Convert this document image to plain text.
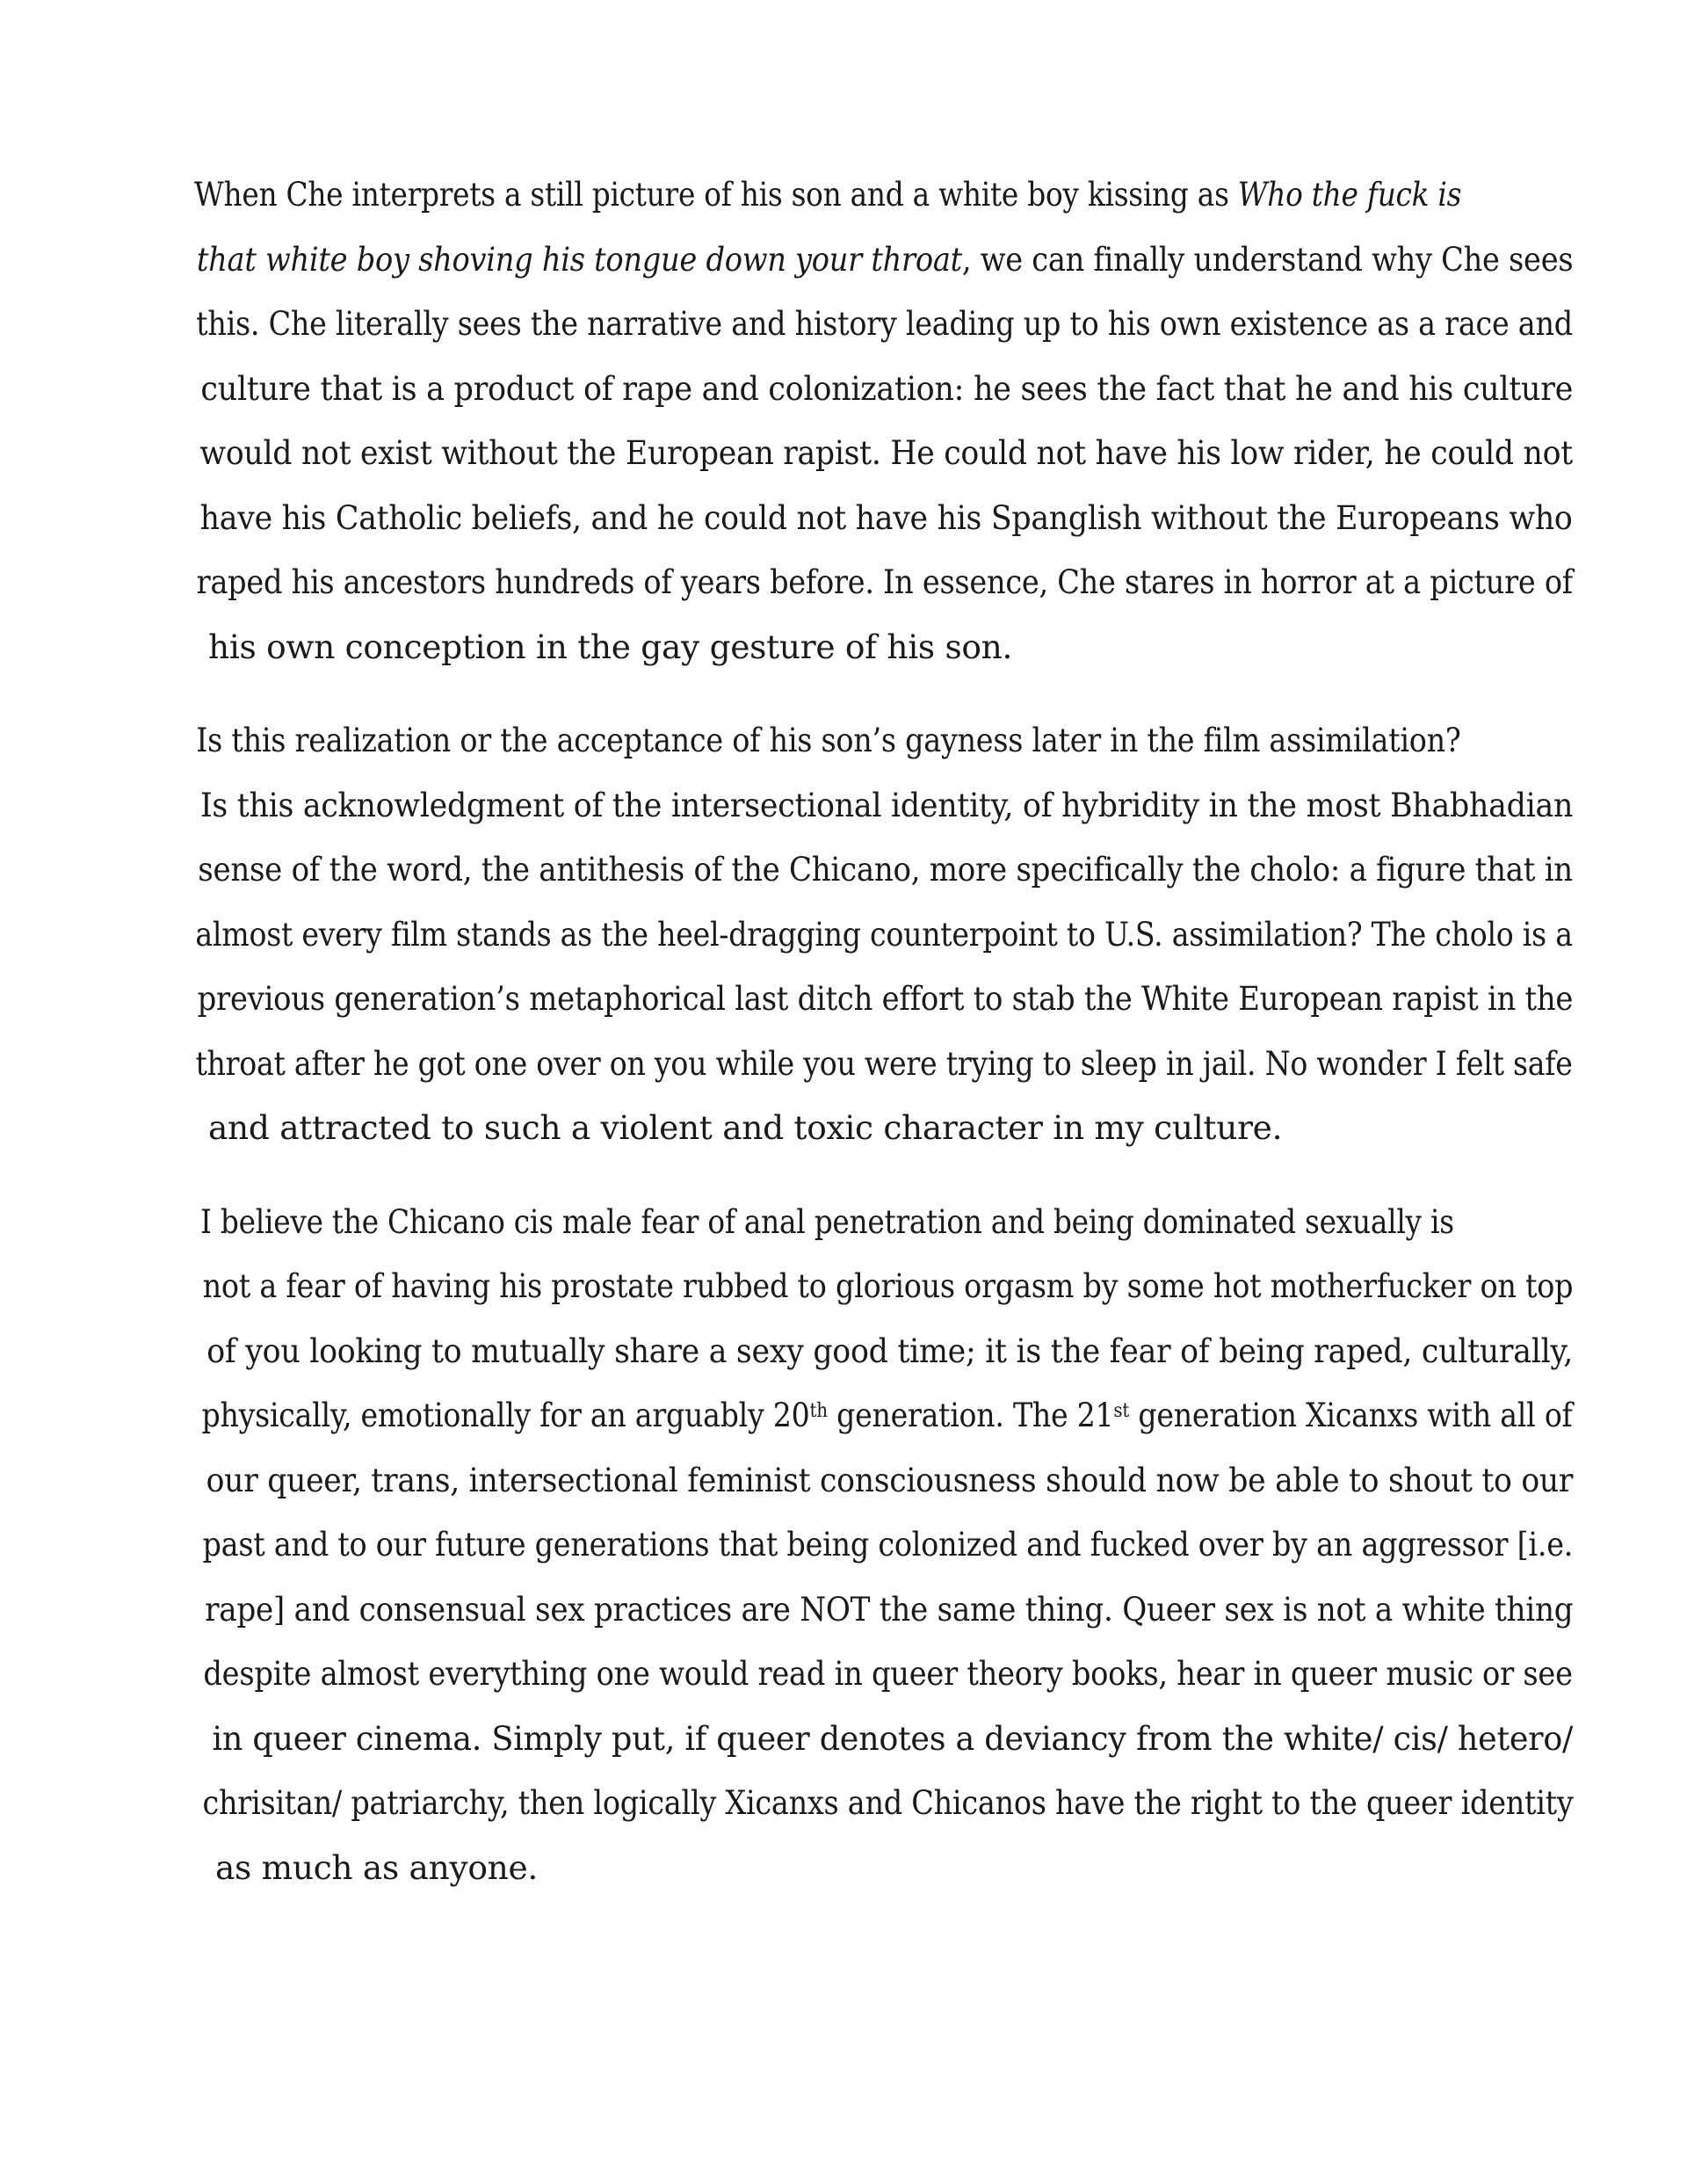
When Che interprets a still picture of his son and a white boy kissing as Who the fuck is
that white boy shoving his tongue down your throat, we can finally understand why Che sees
this. Che literally sees the narrative and history leading up to his own existence as a race and
culture that is a product of rape and colonization: he sees the fact that he and his culture
would not exist without the European rapist. He could not have his low rider, he could not
have his Catholic beliefs, and he could not have his Spanglish without the Europeans who
raped his ancestors hundreds of years before. In essence, Che stares in horror at a picture of
his own conception in the gay gesture of his son.

Is this realization or the acceptance of his son’s gayness later in the film assimilation?
Is this acknowledgment of the intersectional identity, of hybridity in the most Bhabhadian
sense of the word, the antithesis of the Chicano, more specifically the cholo: a figure that in
almost every film stands as the heel-dragging counterpoint to U.S. assimilation? The cholo is a
previous generation’s metaphorical last ditch effort to stab the White European rapist in the
throat after he got one over on you while you were trying to sleep in jail. No wonder I felt safe
and attracted to such a violent and toxic character in my culture.

I believe the Chicano cis male fear of anal penetration and being dominated sexually is
not a fear of having his prostate rubbed to glorious orgasm by some hot motherfucker on top
of you looking to mutually share a sexy good time; it is the fear of being raped, culturally,
physically, emotionally for an arguably 20th generation. The 21st generation Xicanxs with all of
our queer, trans, intersectional feminist consciousness should now be able to shout to our
past and to our future generations that being colonized and fucked over by an aggressor [i.e.
rape] and consensual sex practices are NOT the same thing. Queer sex is not a white thing
despite almost everything one would read in queer theory books, hear in queer music or see
in queer cinema. Simply put, if queer denotes a deviancy from the white/ cis/ hetero/
chrisitan/ patriarchy, then logically Xicanxs and Chicanos have the right to the queer identity
as much as anyone.
